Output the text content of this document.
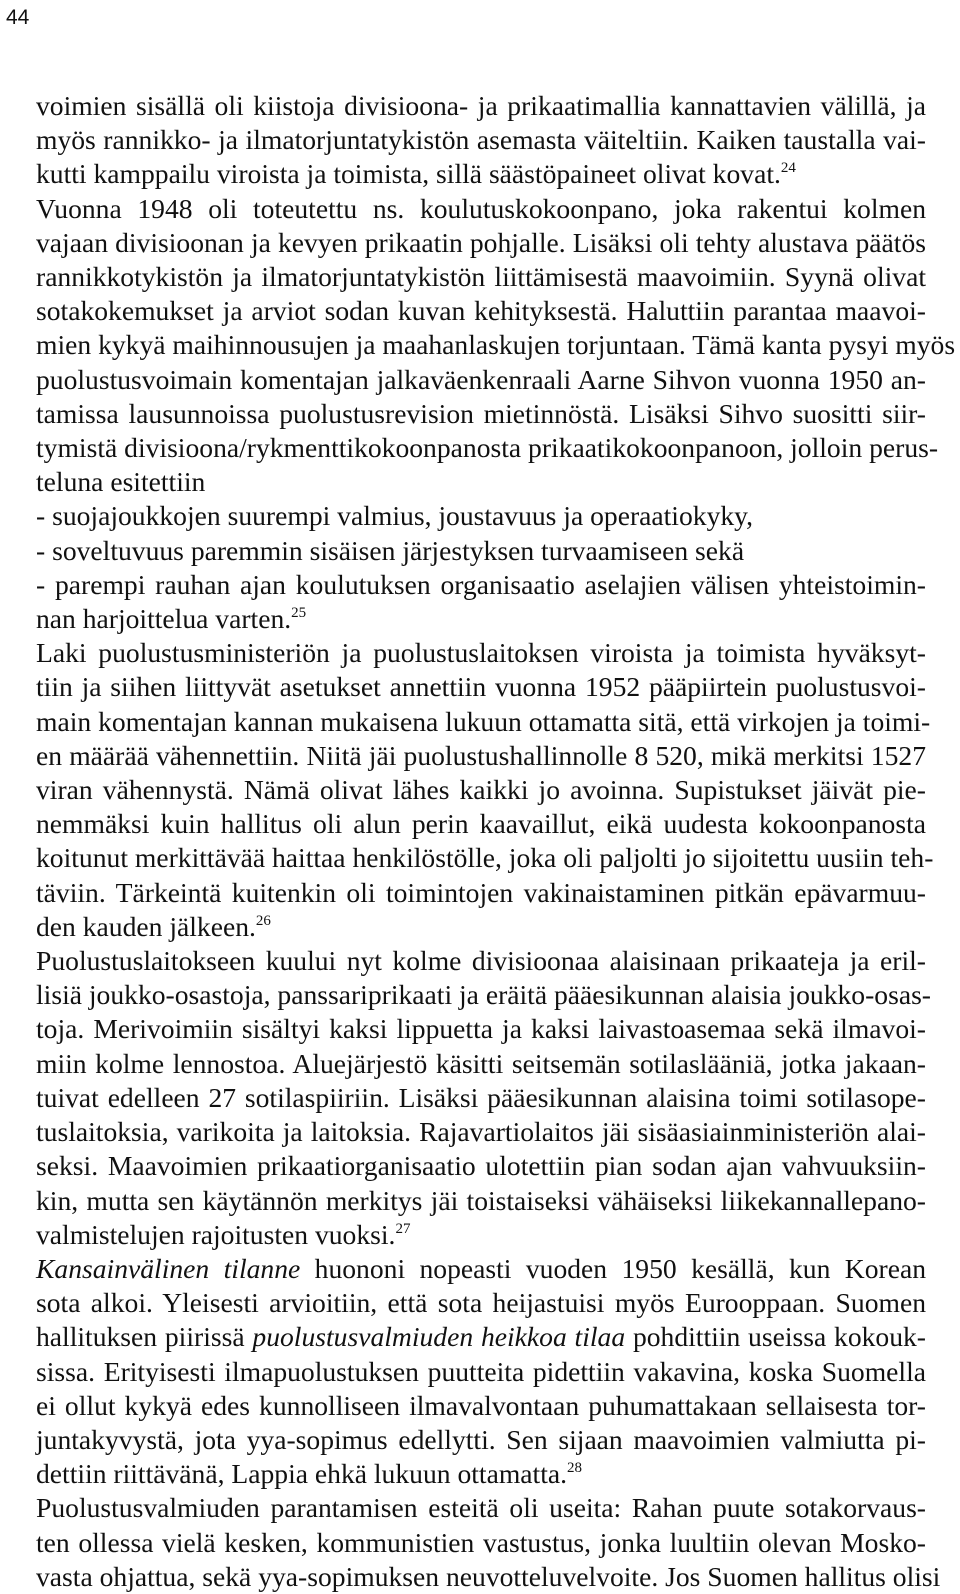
44
voimien sisällä oli kiistoja divisioona- ja prikaatimallia kannattavien välillä, ja
myös rannikko- ja ilmatorjuntatykistön asemasta väiteltiin. Kaiken taustalla vai-
kutti kamppailu viroista ja toimista, sillä säästöpaineet olivat kovat.$^{24}$
Vuonna 1948 oli toteutettu ns. koulutuskokoonpano, joka rakentui kolmen
vajaan divisioonan ja kevyen prikaatin pohjalle. Lisäksi oli tehty alustava päätös
rannikkotykistön ja ilmatorjuntatykistön liittämisestä maavoimiin. Syynä olivat
sotakokemukset ja arviot sodan kuvan kehityksestä. Haluttiin parantaa maavoi-
mien kykyä maihinnousujen ja maahanlaskujen torjuntaan. Tämä kanta pysyi myös
puolustusvoimain komentajan jalkaväenkenraali Aarne Sihvon vuonna 1950 an-
tamissa lausunnoissa puolustusrevision mietinnöstä. Lisäksi Sihvo suositti siir-
tymistä divisioona/rykmenttikokoonpanosta prikaatikokoonpanoon, jolloin perus-
teluna esitettiin
- suojajoukkojen suurempi valmius, joustavuus ja operaatiokyky,
- soveltuvuus paremmin sisäisen järjestyksen turvaamiseen sekä
- parempi rauhan ajan koulutuksen organisaatio aselajien välisen yhteistoimin-
nan harjoittelua varten.$^{25}$
Laki puolustusministeriön ja puolustuslaitoksen viroista ja toimista hyväksyt-
tiin ja siihen liittyvät asetukset annettiin vuonna 1952 pääpiirtein puolustusvoi-
main komentajan kannan mukaisena lukuun ottamatta sitä, että virkojen ja toimi-
en määrää vähennettiin. Niitä jäi puolustushallinnolle 8 520, mikä merkitsi 1527
viran vähennystä. Nämä olivat lähes kaikki jo avoinna. Supistukset jäivät pie-
nemmäksi kuin hallitus oli alun perin kaavaillut, eikä uudesta kokoonpanosta
koitunut merkittävää haittaa henkilöstölle, joka oli paljolti jo sijoitettu uusiin teh-
täviin. Tärkeintä kuitenkin oli toimintojen vakinaistaminen pitkän epävarmuu-
den kauden jälkeen.$^{26}$
Puolustuslaitokseen kuului nyt kolme divisioonaa alaisinaan prikaateja ja eril-
lisiä joukko-osastoja, panssariprikaati ja eräitä pääesikunnan alaisia joukko-osas-
toja. Merivoimiin sisältyi kaksi lippuetta ja kaksi laivastoasemaa sekä ilmavoi-
miin kolme lennostoa. Aluejärjestö käsitti seitsemän sotilaslääniä, jotka jakaan-
tuivat edelleen 27 sotilaspiiriin. Lisäksi pääesikunnan alaisina toimi sotilasope-
tuslaitoksia, varikoita ja laitoksia. Rajavartiolaitos jäi sisäasiainministeriön alai-
seksi. Maavoimien prikaatiorganisaatio ulotettiin pian sodan ajan vahvuuksiin-
kin, mutta sen käytännön merkitys jäi toistaiseksi vähäiseksi liikekannallepano-
valmistelujen rajoitusten vuoksi.$^{27}$
Kansainvälinen tilanne huononi nopeasti vuoden 1950 kesällä, kun Korean
sota alkoi. Yleisesti arvioitiin, että sota heijastuisi myös Eurooppaan. Suomen
hallituksen piirissä puolustusvalmiuden heikkoa tilaa pohdittiin useissa kokouk-
sissa. Erityisesti ilmapuolustuksen puutteita pidettiin vakavina, koska Suomella
ei ollut kykyä edes kunnolliseen ilmavalvontaan puhumattakaan sellaisesta tor-
juntakyvystä, jota yya-sopimus edellytti. Sen sijaan maavoimien valmiutta pi-
dettiin riittävänä, Lappia ehkä lukuun ottamatta.$^{28}$
Puolustusvalmiuden parantamisen esteitä oli useita: Rahan puute sotakorvaus-
ten ollessa vielä kesken, kommunistien vastustus, jonka luultiin olevan Mosko-
vasta ohjattua, sekä yya-sopimuksen neuvotteluvelvoite. Jos Suomen hallitus olisi
